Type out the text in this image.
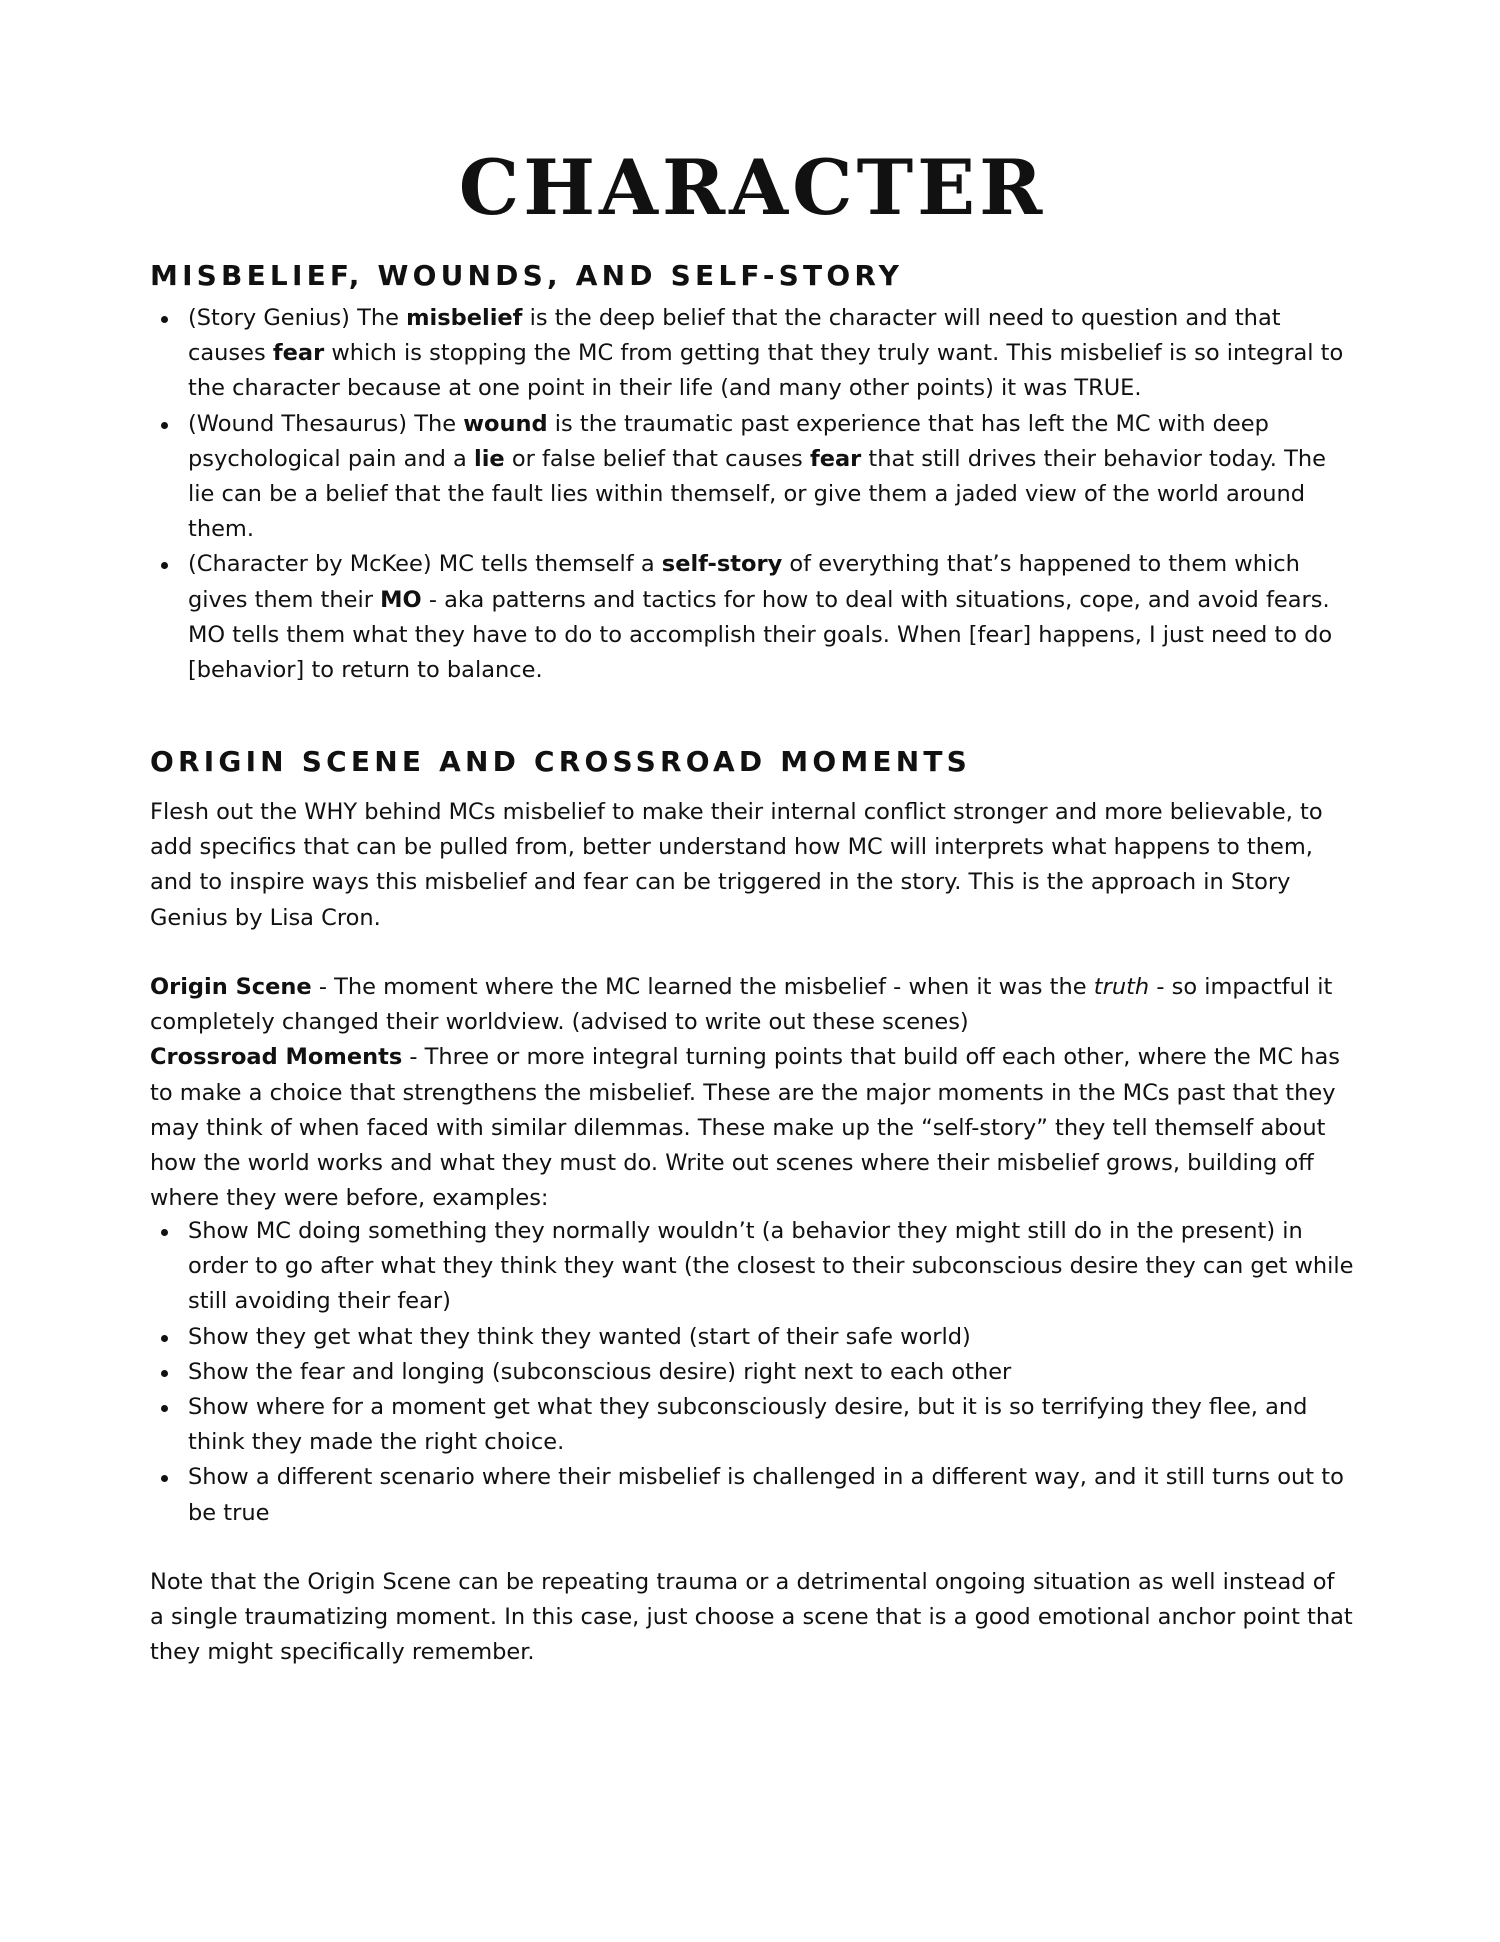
CHARACTER
MISBELIEF, WOUNDS, AND SELF-STORY
(Story Genius) The misbelief is the deep belief that the character will need to question and that causes fear which is stopping the MC from getting that they truly want. This misbelief is so integral to the character because at one point in their life (and many other points) it was TRUE.
(Wound Thesaurus) The wound is the traumatic past experience that has left the MC with deep psychological pain and a lie or false belief that causes fear that still drives their behavior today. The lie can be a belief that the fault lies within themself, or give them a jaded view of the world around them.
(Character by McKee) MC tells themself a self-story of everything that’s happened to them which gives them their MO - aka patterns and tactics for how to deal with situations, cope, and avoid fears. MO tells them what they have to do to accomplish their goals. When [fear] happens, I just need to do [behavior] to return to balance.
ORIGIN SCENE AND CROSSROAD MOMENTS

Flesh out the WHY behind MCs misbelief to make their internal conflict stronger and more believable, to add specifics that can be pulled from, better understand how MC will interprets what happens to them, and to inspire ways this misbelief and fear can be triggered in the story. This is the approach in Story Genius by Lisa Cron.

Origin Scene - The moment where the MC learned the misbelief - when it was the truth - so impactful it completely changed their worldview. (advised to write out these scenes)

Crossroad Moments - Three or more integral turning points that build off each other, where the MC has to make a choice that strengthens the misbelief. These are the major moments in the MCs past that they may think of when faced with similar dilemmas. These make up the “self-story” they tell themself about how the world works and what they must do. Write out scenes where their misbelief grows, building off where they were before, examples:

Show MC doing something they normally wouldn’t (a behavior they might still do in the present) in order to go after what they think they want (the closest to their subconscious desire they can get while still avoiding their fear)
Show they get what they think they wanted (start of their safe world)
Show the fear and longing (subconscious desire) right next to each other
Show where for a moment get what they subconsciously desire, but it is so terrifying they flee, and think they made the right choice.
Show a different scenario where their misbelief is challenged in a different way, and it still turns out to be true

Note that the Origin Scene can be repeating trauma or a detrimental ongoing situation as well instead of a single traumatizing moment. In this case, just choose a scene that is a good emotional anchor point that they might specifically remember.
